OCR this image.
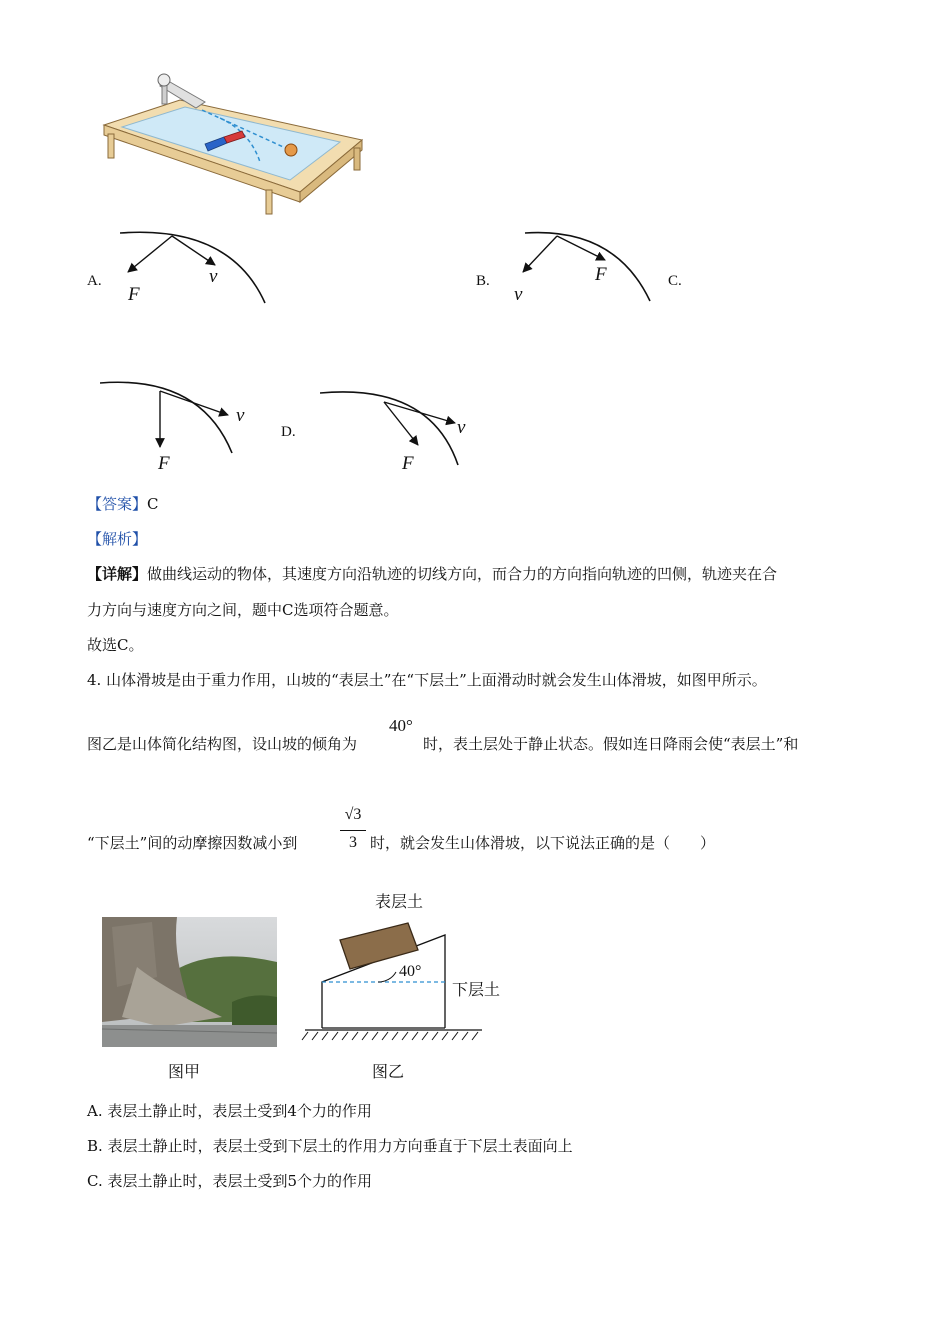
A.
F
v	B.	F
v
C.
F
v
D.
F
v
【答案】C
【解析】
【详解】做曲线运动的物体，其速度方向沿轨迹的切线方向，而合力的方向指向轨迹的凹侧，轨迹夹在合
力方向与速度方向之间，题中C选项符合题意。
故选C。
4. 山体滑坡是由于重力作用，山坡的“表层土”在“下层土”上面滑动时就会发生山体滑坡，如图甲所示。
图乙是山体简化结构图，设山坡的倾角为
40°
时，表土层处于静止状态。假如连日降雨会使“表层土”和
“下层土”间的动摩擦因数减小到
√3
3 时，就会发生山体滑坡，以下说法正确的是（　　）
表层土
下层土
40°
图甲	图乙
A. 表层土静止时，表层土受到4个力的作用
B. 表层土静止时，表层土受到下层土的作用力方向垂直于下层土表面向上
C. 表层土静止时，表层土受到5个力的作用
